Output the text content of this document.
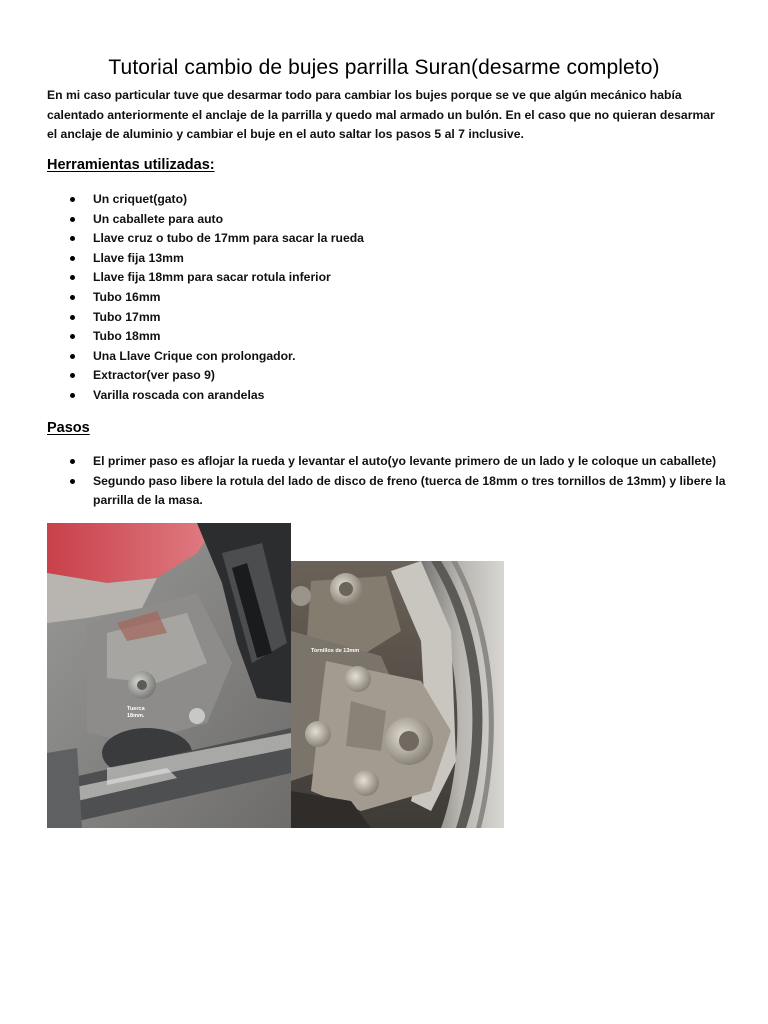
Tutorial cambio de bujes parrilla Suran(desarme completo)

En mi caso particular tuve que desarmar todo para cambiar los bujes porque se ve que algún mecánico había calentado anteriormente el anclaje de la parrilla y quedo mal armado un bulón. En el caso que no quieran desarmar el anclaje de aluminio y cambiar el buje en el auto saltar los pasos 5 al 7 inclusive.

Herramientas utilizadas:
Un criquet(gato)
Un caballete para auto
Llave cruz o tubo de 17mm para sacar la rueda
Llave fija 13mm
Llave fija 18mm para sacar rotula inferior
Tubo 16mm
Tubo 17mm
Tubo 18mm
Una Llave Crique con prolongador.
Extractor(ver paso 9)
Varilla roscada con arandelas
Pasos
El primer paso es aflojar la rueda y levantar el auto(yo levante primero de un lado y le coloque un caballete)
Segundo paso libere la rotula del lado de disco de freno (tuerca de 18mm o tres tornillos de 13mm) y libere la parrilla de la masa.
Tuerca
18mm.
Tornillos de 13mm
